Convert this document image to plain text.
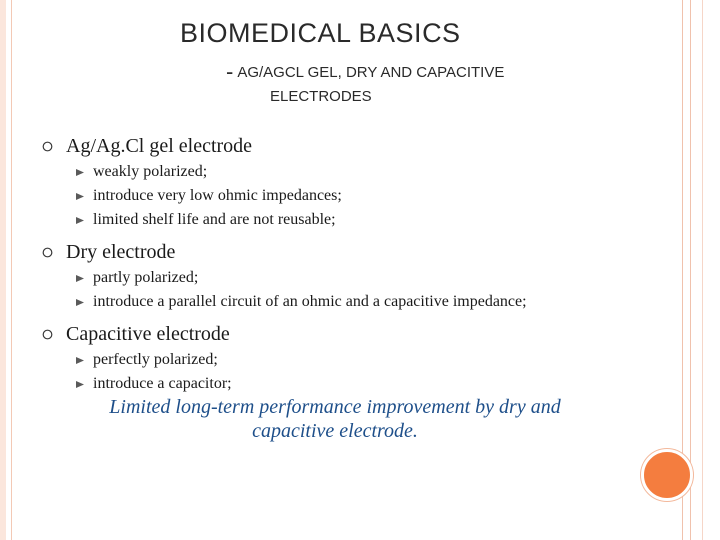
BIOMEDICAL BASICS
- AG/AGCL GEL, DRY AND CAPACITIVE
ELECTRODES
Ag/Ag.Cl gel electrode
weakly polarized;
introduce very low ohmic impedances;
limited shelf life and are not reusable;
Dry electrode
partly polarized;
introduce a parallel circuit of an ohmic and a capacitive impedance;
Capacitive electrode
perfectly polarized;
introduce a capacitor;
Limited long-term performance improvement by dry and
capacitive electrode.
